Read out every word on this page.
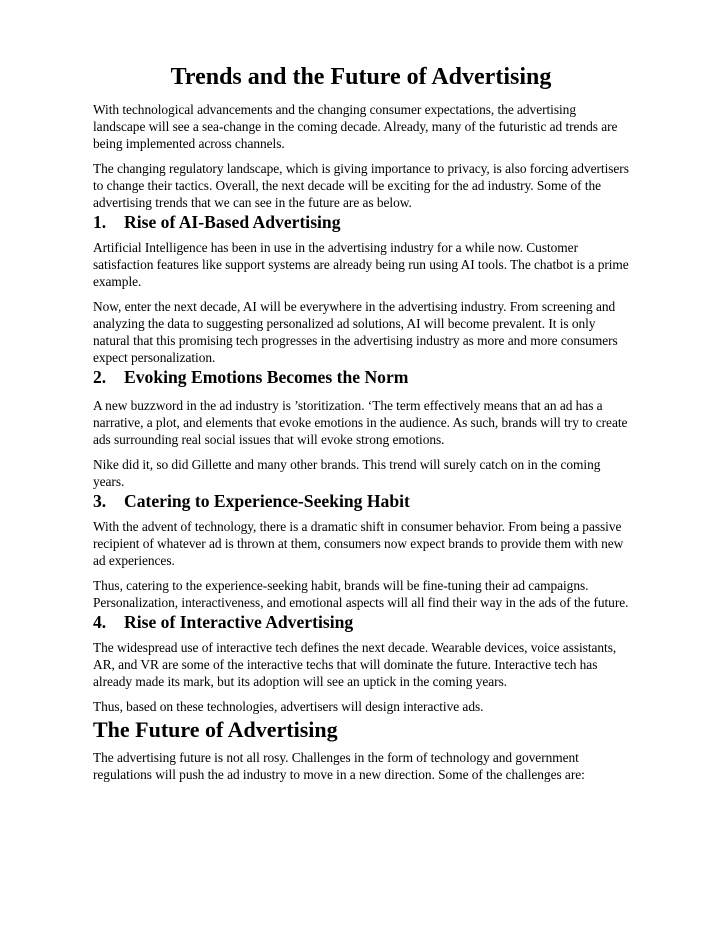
Trends and the Future of Advertising

With technological advancements and the changing consumer expectations, the advertising landscape will see a sea-change in the coming decade. Already, many of the futuristic ad trends are being implemented across channels.

The changing regulatory landscape, which is giving importance to privacy, is also forcing advertisers to change their tactics. Overall, the next decade will be exciting for the ad industry. Some of the advertising trends that we can see in the future are as below.

1.	Rise of AI-Based Advertising

Artificial Intelligence has been in use in the advertising industry for a while now. Customer satisfaction features like support systems are already being run using AI tools. The chatbot is a prime example.

Now, enter the next decade, AI will be everywhere in the advertising industry. From screening and analyzing the data to suggesting personalized ad solutions, AI will become prevalent. It is only natural that this promising tech progresses in the advertising industry as more and more consumers expect personalization.

2.	Evoking Emotions Becomes the Norm

A new buzzword in the ad industry is ’storitization. ‘The term effectively means that an ad has a narrative, a plot, and elements that evoke emotions in the audience. As such, brands will try to create ads surrounding real social issues that will evoke strong emotions.

Nike did it, so did Gillette and many other brands. This trend will surely catch on in the coming years.

3.	Catering to Experience-Seeking Habit

With the advent of technology, there is a dramatic shift in consumer behavior. From being a passive recipient of whatever ad is thrown at them, consumers now expect brands to provide them with new ad experiences.

Thus, catering to the experience-seeking habit, brands will be fine-tuning their ad campaigns. Personalization, interactiveness, and emotional aspects will all find their way in the ads of the future.

4.	Rise of Interactive Advertising

The widespread use of interactive tech defines the next decade. Wearable devices, voice assistants, AR, and VR are some of the interactive techs that will dominate the future. Interactive tech has already made its mark, but its adoption will see an uptick in the coming years.

Thus, based on these technologies, advertisers will design interactive ads.

The Future of Advertising

The advertising future is not all rosy. Challenges in the form of technology and government regulations will push the ad industry to move in a new direction. Some of the challenges are:
